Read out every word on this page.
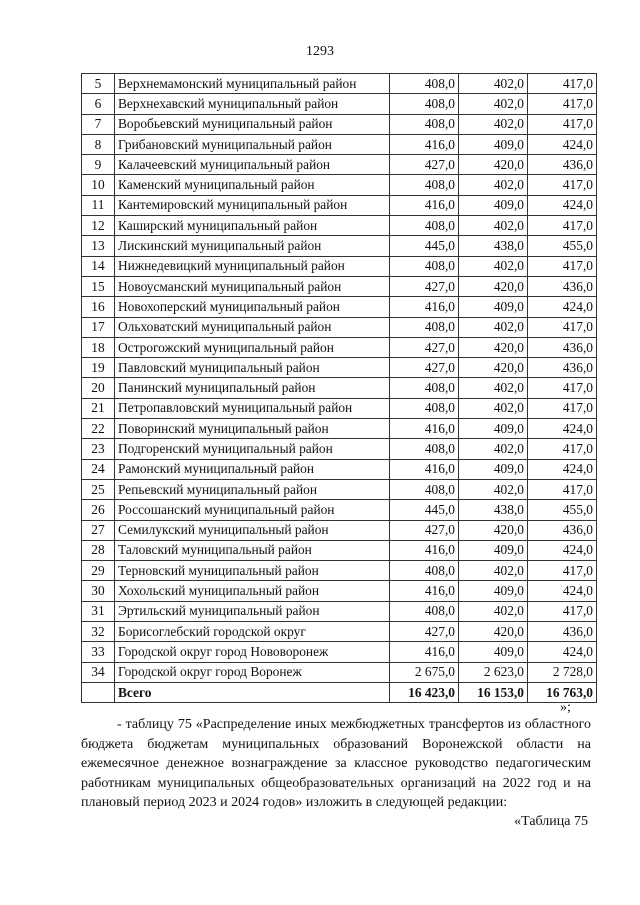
1293
5	Верхнемамонский муниципальный район	408,0	402,0	417,0
6	Верхнехавский муниципальный район	408,0	402,0	417,0
7	Воробьевский муниципальный район	408,0	402,0	417,0
8	Грибановский муниципальный район	416,0	409,0	424,0
9	Калачеевский муниципальный район	427,0	420,0	436,0
10	Каменский муниципальный район	408,0	402,0	417,0
11	Кантемировский муниципальный район	416,0	409,0	424,0
12	Каширский муниципальный район	408,0	402,0	417,0
13	Лискинский муниципальный район	445,0	438,0	455,0
14	Нижнедевицкий муниципальный район	408,0	402,0	417,0
15	Новоусманский муниципальный район	427,0	420,0	436,0
16	Новохоперский муниципальный район	416,0	409,0	424,0
17	Ольховатский муниципальный район	408,0	402,0	417,0
18	Острогожский муниципальный район	427,0	420,0	436,0
19	Павловский муниципальный район	427,0	420,0	436,0
20	Панинский муниципальный район	408,0	402,0	417,0
21	Петропавловский муниципальный район	408,0	402,0	417,0
22	Поворинский муниципальный район	416,0	409,0	424,0
23	Подгоренский муниципальный район	408,0	402,0	417,0
24	Рамонский муниципальный район	416,0	409,0	424,0
25	Репьевский муниципальный район	408,0	402,0	417,0
26	Россошанский муниципальный район	445,0	438,0	455,0
27	Семилукский муниципальный район	427,0	420,0	436,0
28	Таловский муниципальный район	416,0	409,0	424,0
29	Терновский муниципальный район	408,0	402,0	417,0
30	Хохольский муниципальный район	416,0	409,0	424,0
31	Эртильский муниципальный район	408,0	402,0	417,0
32	Борисоглебский городской округ	427,0	420,0	436,0
33	Городской округ город Нововоронеж	416,0	409,0	424,0
34	Городской округ город Воронеж	2 675,0	2 623,0	2 728,0
	Всего	16 423,0	16 153,0	16 763,0
»;
- таблицу 75 «Распределение иных межбюджетных трансфертов из областного бюджета бюджетам муниципальных образований Воронежской области на ежемесячное денежное вознаграждение за классное руководство педагогическим работникам муниципальных общеобразовательных организаций на 2022 год и на плановый период 2023 и 2024 годов» изложить в следующей редакции:
«Таблица 75
